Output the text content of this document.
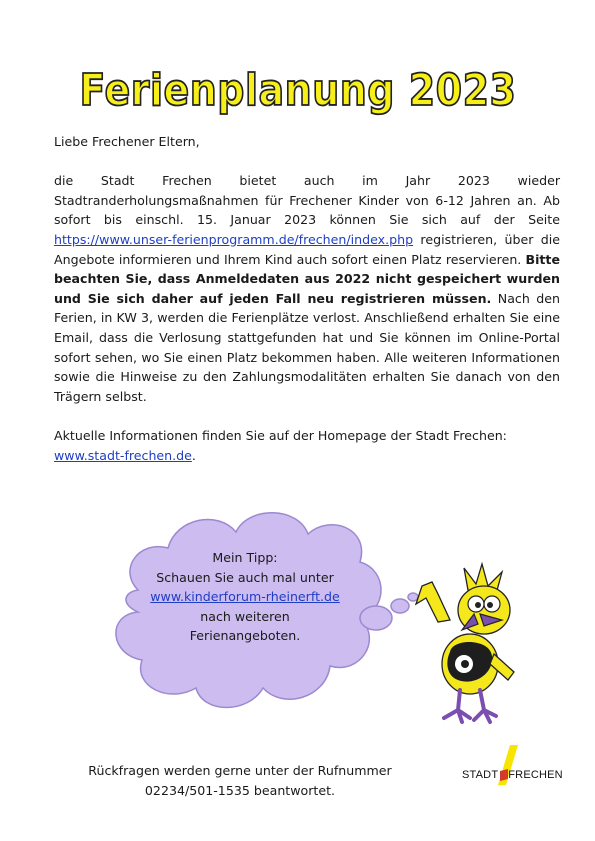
Ferienplanung 2023

Liebe Frechener Eltern,

die Stadt Frechen bietet auch im Jahr 2023 wieder Stadtranderholungsmaßnahmen für Frechener Kinder von 6-12 Jahren an. Ab sofort bis einschl. 15. Januar 2023 können Sie sich auf der Seite https://www.unser-ferienprogramm.de/frechen/index.php registrieren, über die Angebote informieren und Ihrem Kind auch sofort einen Platz reservieren. Bitte beachten Sie, dass Anmeldedaten aus 2022 nicht gespeichert wurden und Sie sich daher auf jeden Fall neu registrieren müssen. Nach den Ferien, in KW 3, werden die Ferienplätze verlost. Anschließend erhalten Sie eine Email, dass die Verlosung stattgefunden hat und Sie können im Online-Portal sofort sehen, wo Sie einen Platz bekommen haben. Alle weiteren Informationen sowie die Hinweise zu den Zahlungsmodalitäten erhalten Sie danach von den Trägern selbst.

Aktuelle Informationen finden Sie auf der Homepage der Stadt Frechen:
www.stadt-frechen.de.

Mein Tipp:
Schauen Sie auch mal unter
www.kinderforum-rheinerft.de
nach weiteren
Ferienangeboten.
Rückfragen werden gerne unter der Rufnummer
02234/501-1535 beantwortet.
STADT FRECHEN
